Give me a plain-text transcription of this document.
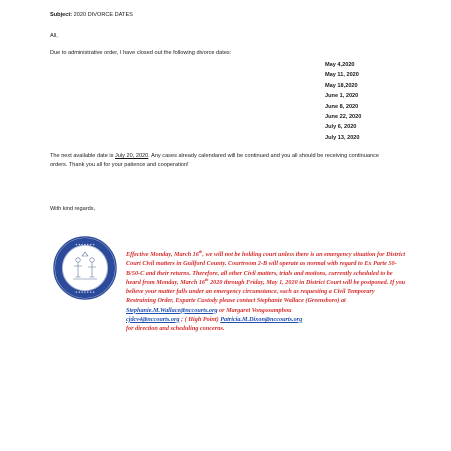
Subject: 2020 DIVORCE DATES
All,
Due to administrative order, I have closed out the following divorce dates:
May 4,2020
May 11, 2020
May 18,2020
June 1, 2020
June 8, 2020
June 22, 2020
July 6, 2020
July 13, 2020
The next available date is July 20, 2020. Any cases already calendared will be continued and you all should be receiving continuance orders. Thank you all for your patience and cooperation!
With kind regards,
✦ ✦ ✦ ✦ ✦ ✦ ✦
✦ ✦ ✦ ✦ ✦ ✦ ✦
Effective Monday, March 16th, we will not be holding court unless there is an emergency situation for District Court Civil matters in Guilford County. Courtroom 2-B will operate as normal with regard to Ex Parte 50-B/50-C and their returns. Therefore, all other Civil matters, trials and motions, currently scheduled to be heard from Monday, March 16th 2020 through Friday, May 1, 2020 in District Court will be postponed. If you believe your matter falls under an emergency circumstance, such as requesting a Civil Temporary Restraining Order, Exparte Custody please contact Stephanie Wallace (Greensboro) at
Stephanie.M.Wallace@nccourts.org or Margaret Vongsoumphou
cjdcv4@nccourts.org ; ( High Point) Patricia.M.Dixon@nccourts.org
for direction and scheduling concerns.
